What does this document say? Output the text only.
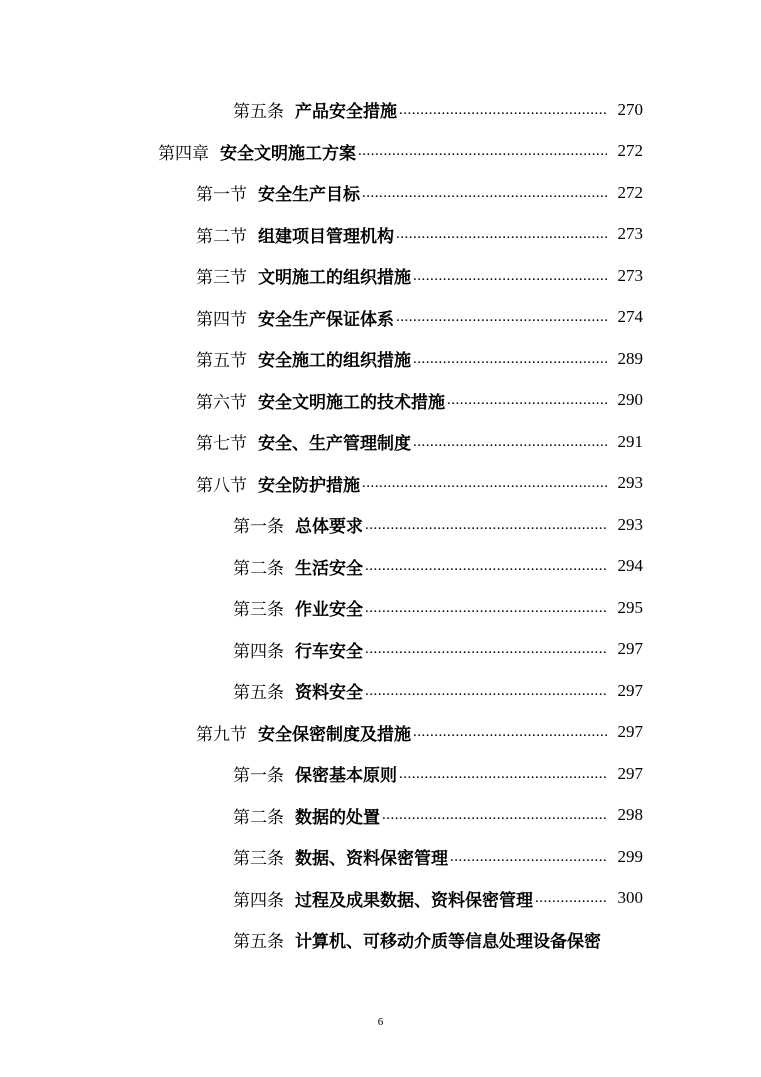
第五条 产品安全措施 .....	270
第四章 安全文明施工方案 .....	272
第一节 安全生产目标 .....	272
第二节 组建项目管理机构 .....	273
第三节 文明施工的组织措施 .....	273
第四节 安全生产保证体系 .....	274
第五节 安全施工的组织措施 .....	289
第六节 安全文明施工的技术措施 .....	290
第七节 安全、生产管理制度 .....	291
第八节 安全防护措施 .....	293
第一条 总体要求 .....	293
第二条 生活安全 .....	294
第三条 作业安全 .....	295
第四条 行车安全 .....	297
第五条 资料安全 .....	297
第九节 安全保密制度及措施 .....	297
第一条 保密基本原则 .....	297
第二条 数据的处置 .....	298
第三条 数据、资料保密管理 .....	299
第四条 过程及成果数据、资料保密管理 .....	300
第五条 计算机、可移动介质等信息处理设备保密
6
